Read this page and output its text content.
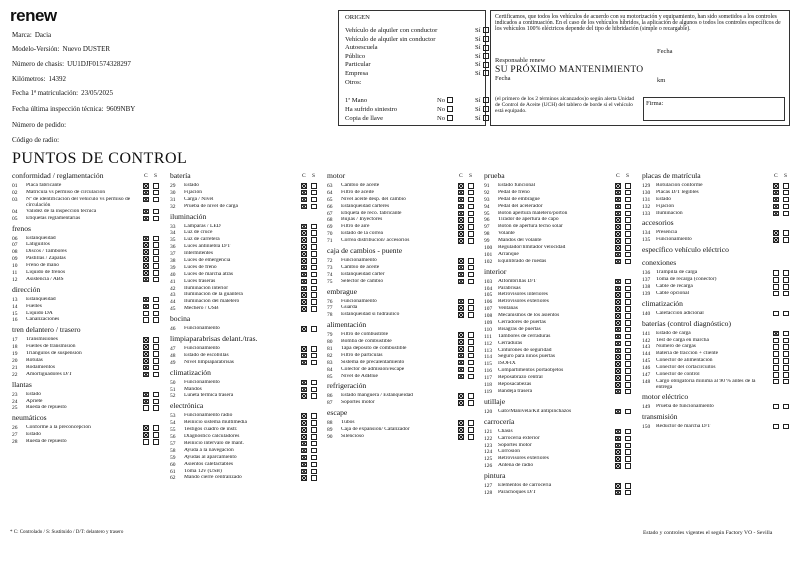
renew
Marca: Dacia
Modelo-Versión: Nuevo DUSTER
Número de chasis: UU1DJF01574328297
Kilómetros: 14392
Fecha 1ª matriculación: 23/05/2025
Fecha última inspección técnica: 9609NBY
Número de pedido:
Código de radio:
ORIGEN
Vehículo de alquiler con conductor	Sí
Vehículo de alquiler sin conductor	Sí
Autoescuela	Sí
Público	Sí
Particular	Sí
Empresa	Sí
Otros:
1ª Mano	No	Sí
Ha sufrido siniestro	No	Sí
Copia de llave	No	Sí
Certificamos, que todos los vehículos de acuerdo con su motorización y equipamiento, han sido sometidos a los controles indicados a continuación. En el caso de los vehículos híbridos, la aplicación de algunos o todos los controles específicos de los vehículos 100% eléctricos depende del tipo de hibridación (simple o recargable).
Responsable renew
Fecha
SU PRÓXIMO MANTENIMIENTO
Fecha	km
(el primero de los 2 términos alcanzados)o según alerta Unidad de Control de Aceite (UCH) del tablero de borde si el vehículo está equipado.
Firma:
PUNTOS DE CONTROL
conformidad / reglamentación	C S
01	Placa fabricante
02	Matrícula vs permiso de circulación
03	Nº de identificación del vehículo vs permiso de circulación
04	Validez de la inspección técnica
05	Etiquetas reglamentarias
frenos
06	Estanqueidad
07	Latiguillos
08	Discos / Tambores
09	Pastillas / Zapatas
10	Freno de mano
11	Líquido de frenos
12	Asistencia / ABS
dirección
13	Estanqueidad
14	Fuelles
15	Líquido DA
16	Canalizaciones
tren delantero / trasero
17	Transmisiones
18	Fuelles de transmisión
19	Triángulos de suspensión
20	Rótulas
21	Rodamientos
22	Amortiguadores D/T
llantas
23	Estado
24	Apriete
25	Rueda de repuesto
neumáticos
26	Conforme a la preconcepción
27	Estado
28	Rueda de repuesto
batería	C S
29	Estado
30	Fijación
31	Carga / Nivel
32	Prueba de nivel de carga
iluminación
33	Lámparas / LED
34	Luz de cruce
35	Luz de carretera
36	Luces antiniebla D/T
37	Intermitentes
38	Luces de emergencia
39	Luces de freno
40	Luces de marcha atrás
41	Luces traseras
42	Iluminación interior
43	Iluminación de la guantera
44	Iluminación del maletero
45	Mechero / USB
bocina
46	Funcionamiento
limpiaparabrisas delant./tras.
47	Funcionamiento
48	Estado de escobillas
49	Nivel limpiaparabrisas
climatización
50	Funcionamiento
51	Mandos
52	Luneta térmica trasera
electrónica
53	Funcionamiento radio
54	Reinicio sistema multimedia
55	Testigos cuadro de instr.
56	Diagnóstico calculadores
57	Reinicio intervalo de mant.
58	Ayuda a la navegación
59	Ayudas al aparcamiento
60	Asientos calefactables
61	Toma 12v (USB)
62	Mando cierre centralizado
motor	C S
63	Cambio de aceite
64	Filtro de aceite
65	Nivel aceite desp. del cambio
66	Estanqueidad cárteres
67	Etiqueta de reco. fabricante
68	Bujías / Inyectores
69	Filtro de aire
70	Estado de la correa
71	Correa distribución/ accesorios
caja de cambios - puente
72	Funcionamiento
73	Cambio de aceite
74	Estanqueidad cárter
75	Selector de cambio
embrague
76	Funcionamiento
77	Guarda
78	Estanqueidad si hidráulico
alimentación
79	Filtro de combustible
80	Bomba de combustible
81	Tapa depósito de combustible
82	Filtro de partículas
83	Sistema de precalentamiento
84	Colector de admisión/escape
85	Nivel de AdBlue
refrigeración
86	Estado manguera / Estanqueidad
87	Soportes motor
escape
88	Tubos
89	Caja de expansión/ Catalizador
90	Silencioso
prueba	C S
91	Estado funcional
92	Pedal de freno
93	Pedal de embrague
94	Pedal del acelerador
95	Botón apertura maletero/portón
96	Tirador de apertura de capó
97	Botón de apertura techo solar
98	Volante
99	Mandos del volante
100	Regulador/limitador velocidad
101	Arranque
102	Equilibrado de ruedas
interior
103	Alfombrillas D/T
104	Parabrisas
105	Retrovisores interiores
106	Retrovisores exteriores
107	Ventanas
108	Mecanismos de los asientos
109	Cerradores de puertas
110	Bisagras de puertas
111	Tambores de cerraduras
112	Cerraduras
113	Cinturones de seguridad
114	Seguro para niños puertas
115	ISOFIX
116	Compartimentos portaobjetos
117	Reposabrazo central
118	Reposacabezas
119	Bandeja trasera
utillaje
120	Gato/Manivela/Kit antipinchazos
carrocería
121	Chasis
122	Carrocería exterior
123	Soportes motor
124	Corrosión
125	Retrovisores exteriores
126	Antena de radio
pintura
127	Elementos de carrocería
128	Parachoques D/T
placas de matrícula	C S
129	Rotulación conforme
130	Placas D/T legibles
131	Estado
132	Fijación
133	Iluminación
accesorios
134	Presencia
135	Funcionamiento
específico vehículo eléctrico
conexiones
136	Trampilla de carga
137	Toma de recarga (conector)
138	Cable de recarga
139	Cable opcional
climatización
140	Calefacción adicional
baterías (control diagnóstico)
141	Estado de carga
142	Test de carga en marcha
143	Número de cargas
144	Batería de tracción + cliente
145	Conector de alimentación
146	Conector del cortacircuitos
147	Conector de control
148	Cargo obligatoria mínima al 90 % antes de la entrega
motor eléctrico
149	Prueba de funcionamiento
transmisión
150	Reductor de marcha D/T
* C: Controlado / S: Sustituido / D/T: delantero y trasero	Estado y controles vigentes el según Factory VO - Sevilla
